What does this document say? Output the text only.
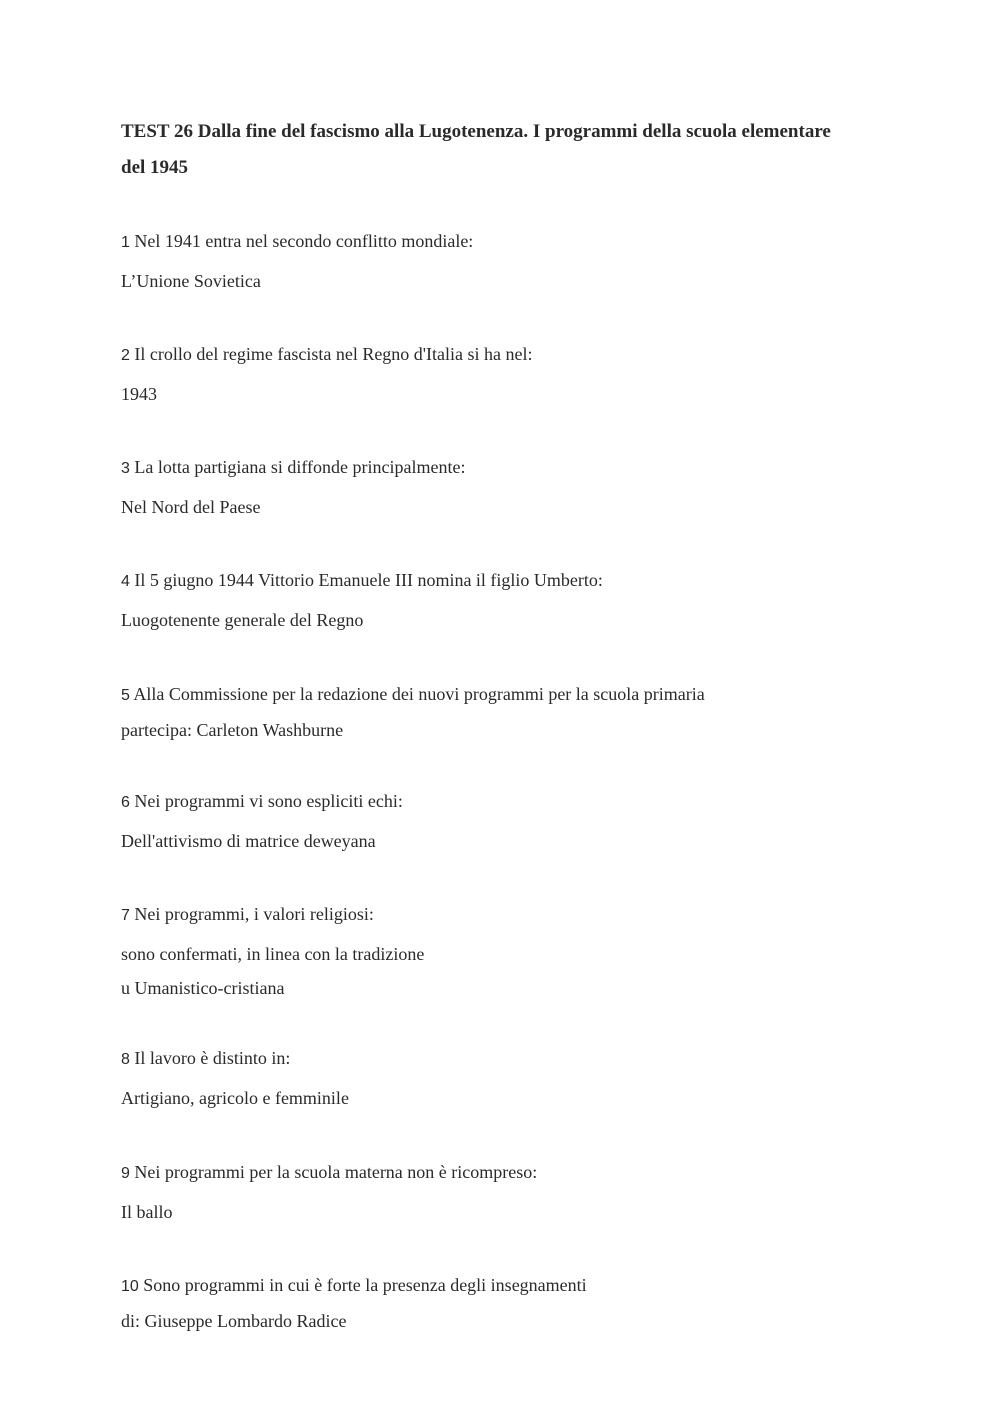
TEST 26 Dalla fine del fascismo alla Lugotenenza. I programmi della scuola elementare del 1945
1 Nel 1941 entra nel secondo conflitto mondiale:
L’Unione Sovietica
2 Il crollo del regime fascista nel Regno d'Italia si ha nel:
1943
3 La lotta partigiana si diffonde principalmente:
Nel Nord del Paese
4 Il 5 giugno 1944 Vittorio Emanuele III nomina il figlio Umberto:
Luogotenente generale del Regno
5 Alla Commissione per la redazione dei nuovi programmi per la scuola primaria
partecipa: Carleton Washburne
6 Nei programmi vi sono espliciti echi:
Dell'attivismo di matrice deweyana
7 Nei programmi, i valori religiosi:
sono confermati, in linea con la tradizione
u Umanistico-cristiana
8 Il lavoro è distinto in:
Artigiano, agricolo e femminile
9 Nei programmi per la scuola materna non è ricompreso:
Il ballo
10 Sono programmi in cui è forte la presenza degli insegnamenti
di: Giuseppe Lombardo Radice
